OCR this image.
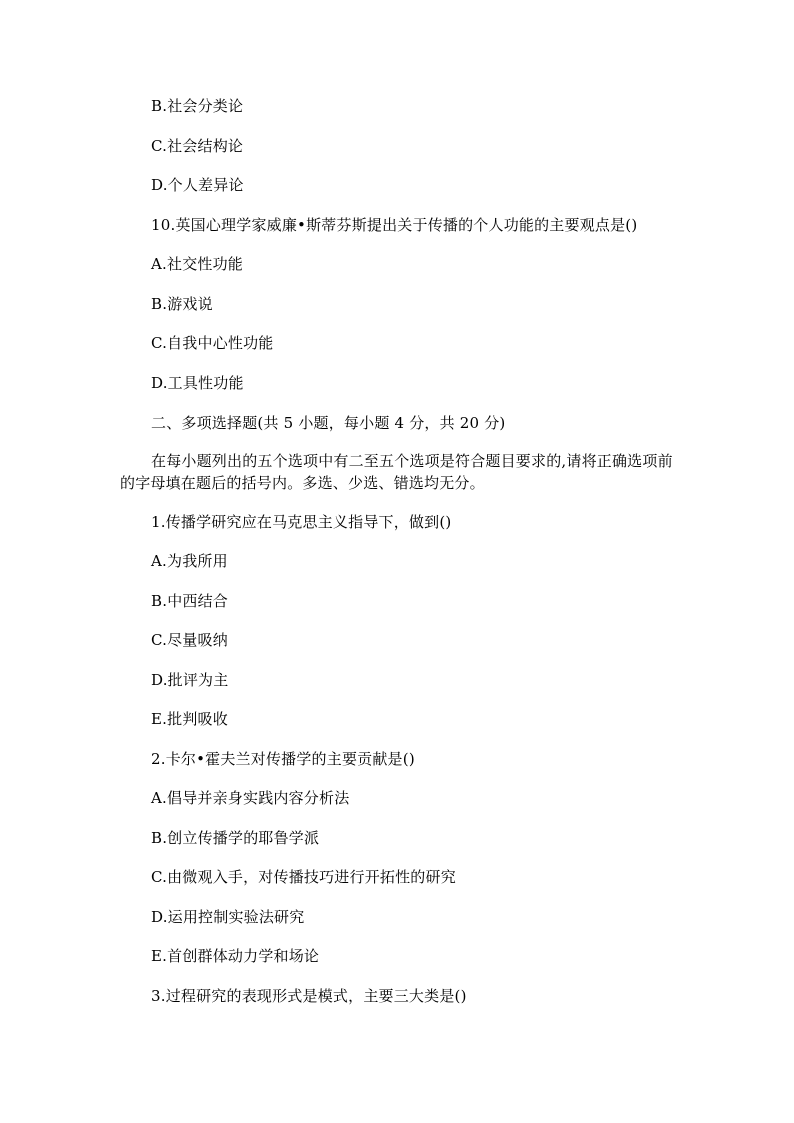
B.社会分类论
C.社会结构论
D.个人差异论
10.英国心理学家威廉•斯蒂芬斯提出关于传播的个人功能的主要观点是()
A.社交性功能
B.游戏说
C.自我中心性功能
D.工具性功能
二、多项选择题(共 5 小题，每小题 4 分，共 20 分)
在每小题列出的五个选项中有二至五个选项是符合题目要求的,请将正确选项前的字母填在题后的括号内。多选、少选、错选均无分。
1.传播学研究应在马克思主义指导下，做到()
A.为我所用
B.中西结合
C.尽量吸纳
D.批评为主
E.批判吸收
2.卡尔•霍夫兰对传播学的主要贡献是()
A.倡导并亲身实践内容分析法
B.创立传播学的耶鲁学派
C.由微观入手，对传播技巧进行开拓性的研究
D.运用控制实验法研究
E.首创群体动力学和场论
3.过程研究的表现形式是模式，主要三大类是()
